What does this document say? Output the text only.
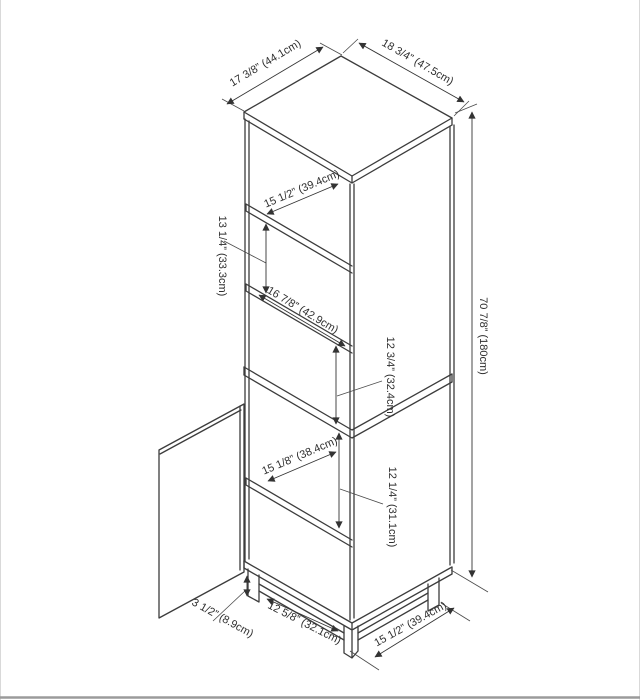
17 3/8” (44.1cm)	18 3/4” (47.5cm)
15 1/2” (39.4cm)
13 1/4” (33.3cm)
16 7/8” (42.9cm)
12 3/4” (32.4cm)
70 7/8” (180cm)
15 1/8” (38.4cm)
12 1/4” (31.1cm)
3 1/2” (8.9cm) 12 5/8” (32.1cm)	15 1/2” (39.4cm)
